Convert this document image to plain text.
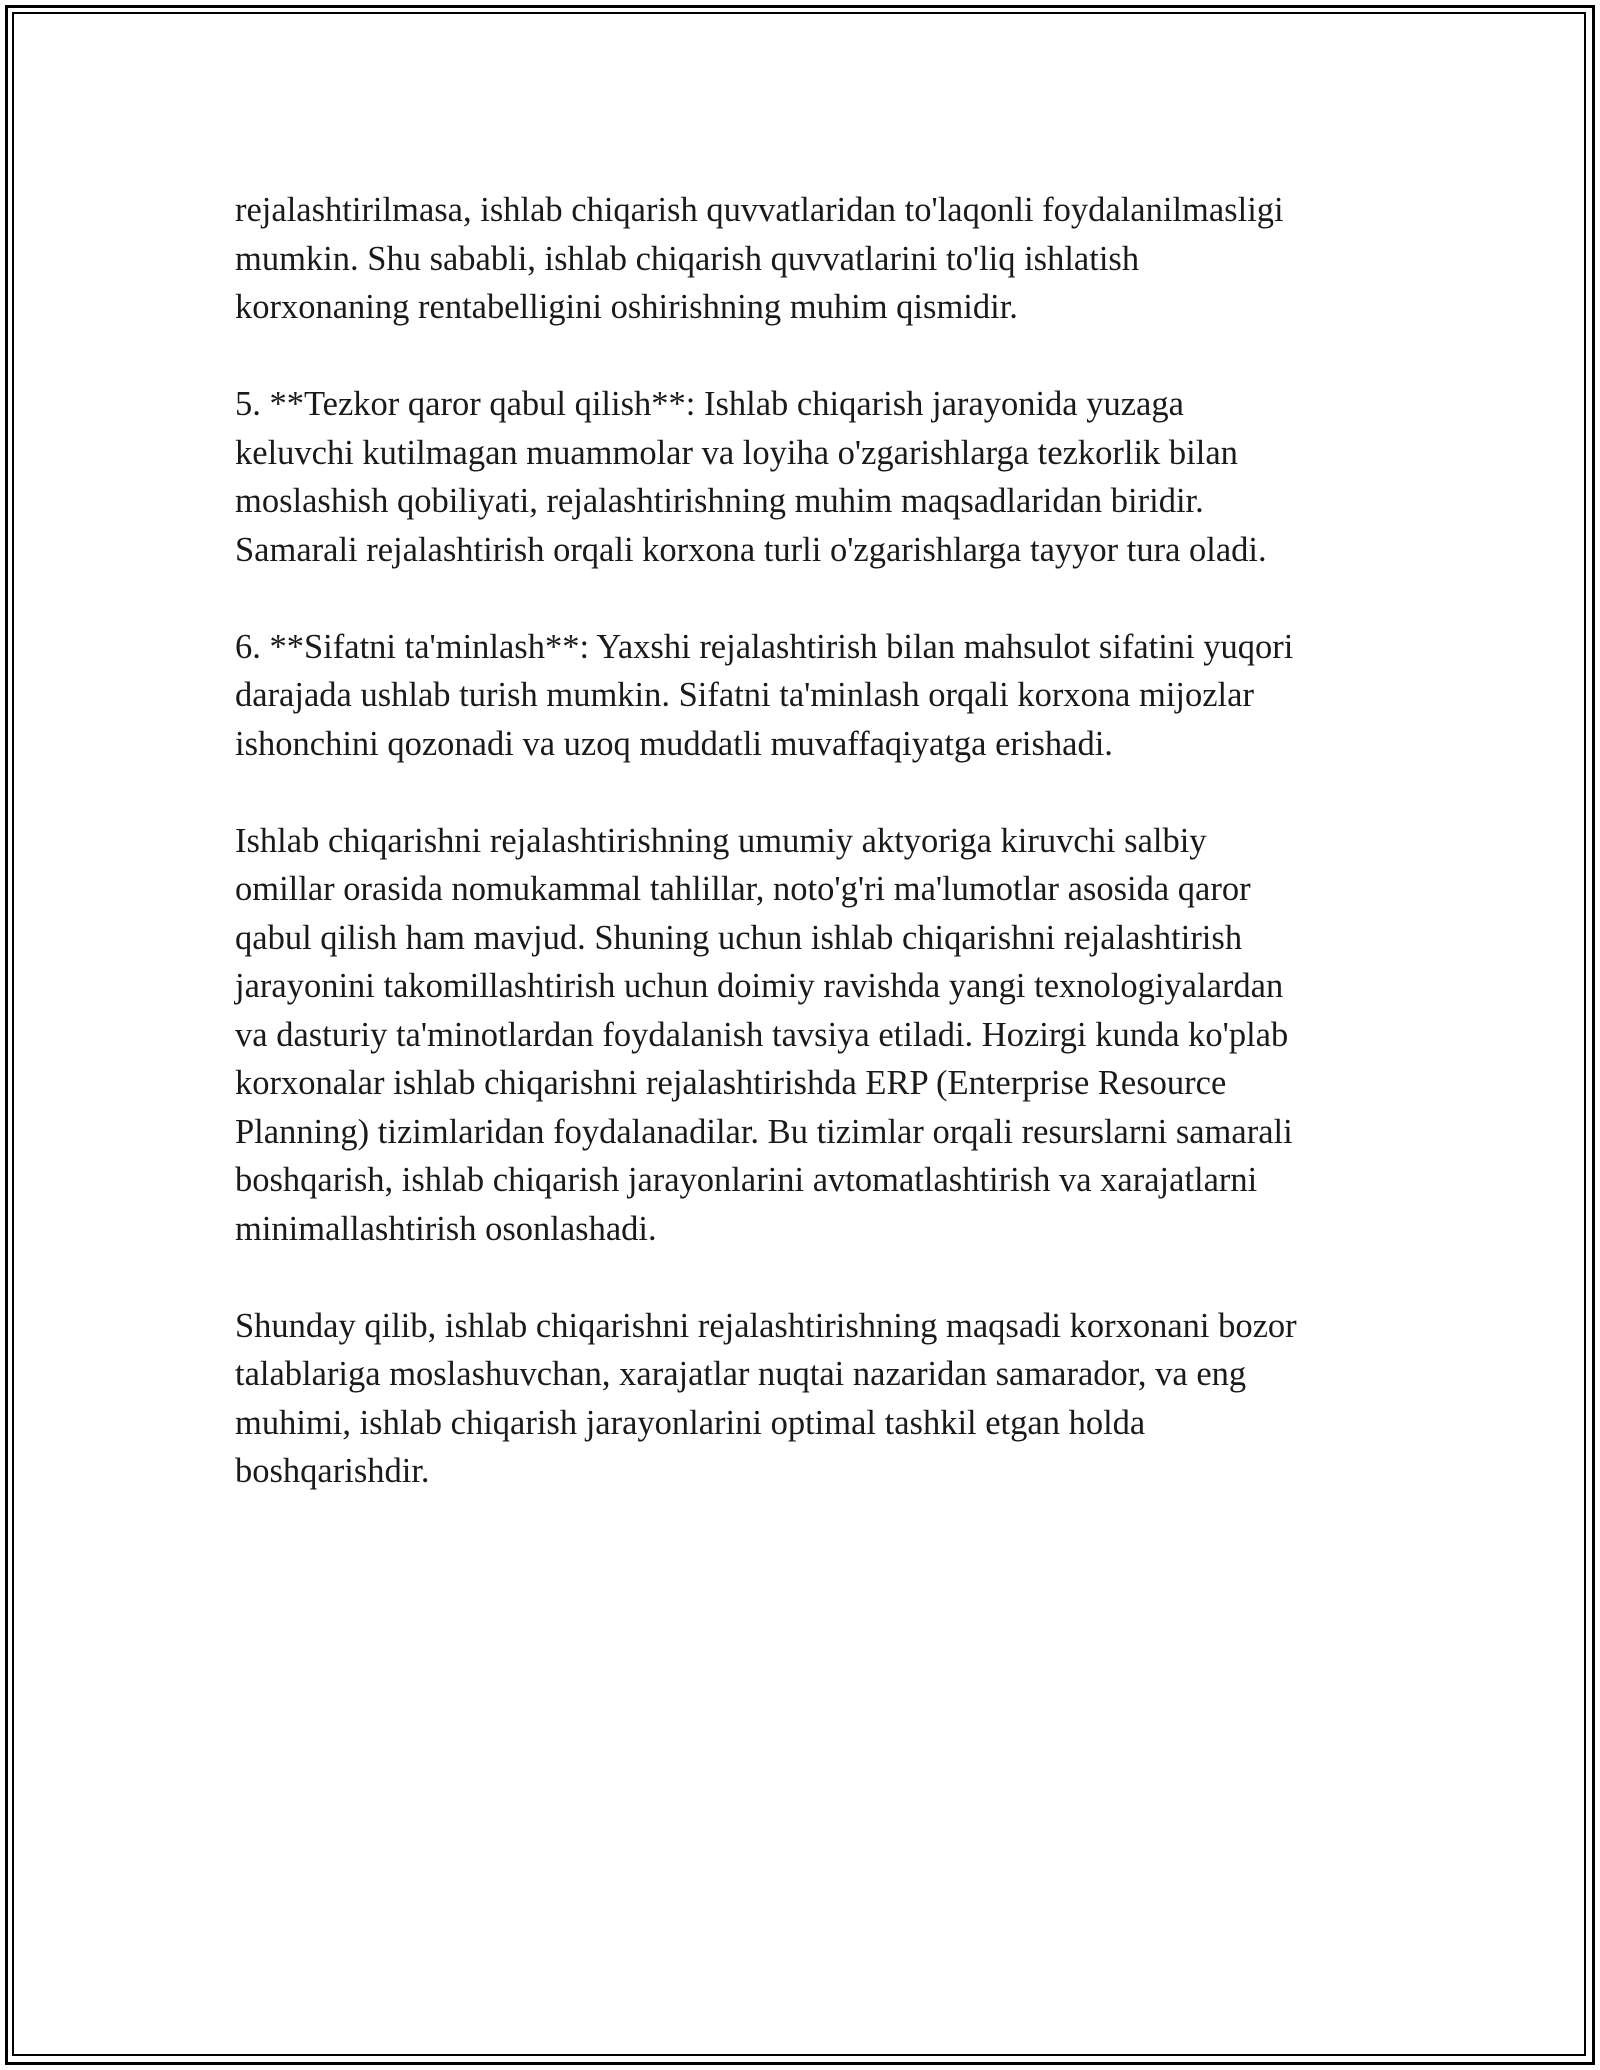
rejalashtirilmasa, ishlab chiqarish quvvatlaridan to'laqonli foydalanilmasligi
mumkin. Shu sababli, ishlab chiqarish quvvatlarini to'liq ishlatish
korxonaning rentabelligini oshirishning muhim qismidir.

5. **Tezkor qaror qabul qilish**: Ishlab chiqarish jarayonida yuzaga
keluvchi kutilmagan muammolar va loyiha o'zgarishlarga tezkorlik bilan
moslashish qobiliyati, rejalashtirishning muhim maqsadlaridan biridir.
Samarali rejalashtirish orqali korxona turli o'zgarishlarga tayyor tura oladi.

6. **Sifatni ta'minlash**: Yaxshi rejalashtirish bilan mahsulot sifatini yuqori
darajada ushlab turish mumkin. Sifatni ta'minlash orqali korxona mijozlar
ishonchini qozonadi va uzoq muddatli muvaffaqiyatga erishadi.

Ishlab chiqarishni rejalashtirishning umumiy aktyoriga kiruvchi salbiy
omillar orasida nomukammal tahlillar, noto'g'ri ma'lumotlar asosida qaror
qabul qilish ham mavjud. Shuning uchun ishlab chiqarishni rejalashtirish
jarayonini takomillashtirish uchun doimiy ravishda yangi texnologiyalardan
va dasturiy ta'minotlardan foydalanish tavsiya etiladi. Hozirgi kunda ko'plab
korxonalar ishlab chiqarishni rejalashtirishda ERP (Enterprise Resource
Planning) tizimlaridan foydalanadilar. Bu tizimlar orqali resurslarni samarali
boshqarish, ishlab chiqarish jarayonlarini avtomatlashtirish va xarajatlarni
minimallashtirish osonlashadi.

Shunday qilib, ishlab chiqarishni rejalashtirishning maqsadi korxonani bozor
talablariga moslashuvchan, xarajatlar nuqtai nazaridan samarador, va eng
muhimi, ishlab chiqarish jarayonlarini optimal tashkil etgan holda
boshqarishdir.
